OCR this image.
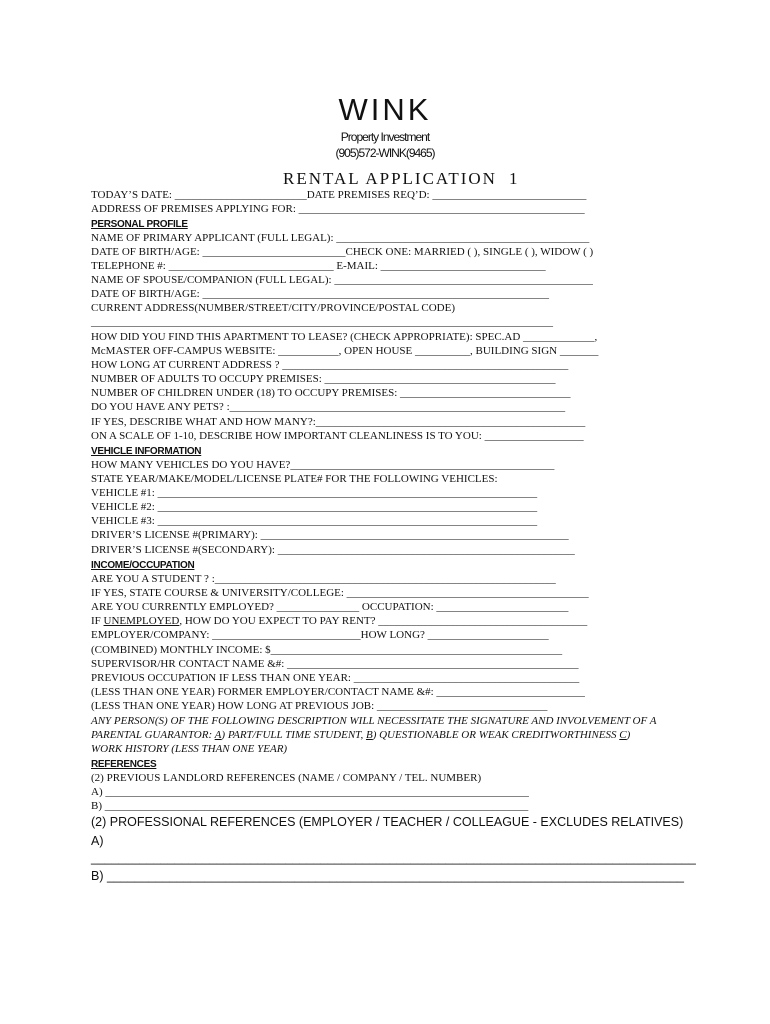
WINK
Property Investment
(905)572-WINK(9465)
RENTAL APPLICATION 1
TODAY’S DATE: ________________________DATE PREMISES REQ’D: ____________________________
ADDRESS OF PREMISES APPLYING FOR: ____________________________________________________
PERSONAL PROFILE
NAME OF PRIMARY APPLICANT (FULL LEGAL): ______________________________________________
DATE OF BIRTH/AGE: __________________________CHECK ONE: MARRIED ( ), SINGLE ( ), WIDOW ( )
TELEPHONE #: ______________________________ E-MAIL: ______________________________
NAME OF SPOUSE/COMPANION (FULL LEGAL): _______________________________________________
DATE OF BIRTH/AGE: _______________________________________________________________
CURRENT ADDRESS(NUMBER/STREET/CITY/PROVINCE/POSTAL CODE)
____________________________________________________________________________________
HOW DID YOU FIND THIS APARTMENT TO LEASE? (CHECK APPROPRIATE): SPEC.AD _____________,
McMASTER OFF-CAMPUS WEBSITE: ___________, OPEN HOUSE __________, BUILDING SIGN _______
HOW LONG AT CURRENT ADDRESS ? ____________________________________________________
NUMBER OF ADULTS TO OCCUPY PREMISES: __________________________________________
NUMBER OF CHILDREN UNDER (18) TO OCCUPY PREMISES: _______________________________
DO YOU HAVE ANY PETS? :_____________________________________________________________
IF YES, DESCRIBE WHAT AND HOW MANY?:_________________________________________________
ON A SCALE OF 1-10, DESCRIBE HOW IMPORTANT CLEANLINESS IS TO YOU: __________________
VEHICLE INFORMATION
HOW MANY VEHICLES DO YOU HAVE?________________________________________________
STATE YEAR/MAKE/MODEL/LICENSE PLATE# FOR THE FOLLOWING VEHICLES:
VEHICLE #1: _____________________________________________________________________
VEHICLE #2: _____________________________________________________________________
VEHICLE #3: _____________________________________________________________________
DRIVER’S LICENSE #(PRIMARY): ________________________________________________________
DRIVER’S LICENSE #(SECONDARY): ______________________________________________________
INCOME/OCCUPATION
ARE YOU A STUDENT ? :______________________________________________________________
IF YES, STATE COURSE & UNIVERSITY/COLLEGE: ____________________________________________
ARE YOU CURRENTLY EMPLOYED? _______________ OCCUPATION: ________________________
IF UNEMPLOYED, HOW DO YOU EXPECT TO PAY RENT? ______________________________________
EMPLOYER/COMPANY: ___________________________HOW LONG? ______________________
(COMBINED) MONTHLY INCOME: $_____________________________________________________
SUPERVISOR/HR CONTACT NAME &#: _____________________________________________________
PREVIOUS OCCUPATION IF LESS THAN ONE YEAR: _________________________________________
(LESS THAN ONE YEAR) FORMER EMPLOYER/CONTACT NAME &#: ___________________________
(LESS THAN ONE YEAR) HOW LONG AT PREVIOUS JOB: _______________________________
ANY PERSON(S) OF THE FOLLOWING DESCRIPTION WILL NECESSITATE THE SIGNATURE AND INVOLVEMENT OF A
PARENTAL GUARANTOR: A) PART/FULL TIME STUDENT, B) QUESTIONABLE OR WEAK CREDITWORTHINESS C)
WORK HISTORY (LESS THAN ONE YEAR)
REFERENCES
(2) PREVIOUS LANDLORD REFERENCES (NAME / COMPANY / TEL. NUMBER)
A) _____________________________________________________________________________
B) _____________________________________________________________________________
(2) PROFESSIONAL REFERENCES (EMPLOYER / TEACHER / COLLEAGUE - EXCLUDES RELATIVES)
A)
_______________________________________________________________________________________
B) ___________________________________________________________________________________
